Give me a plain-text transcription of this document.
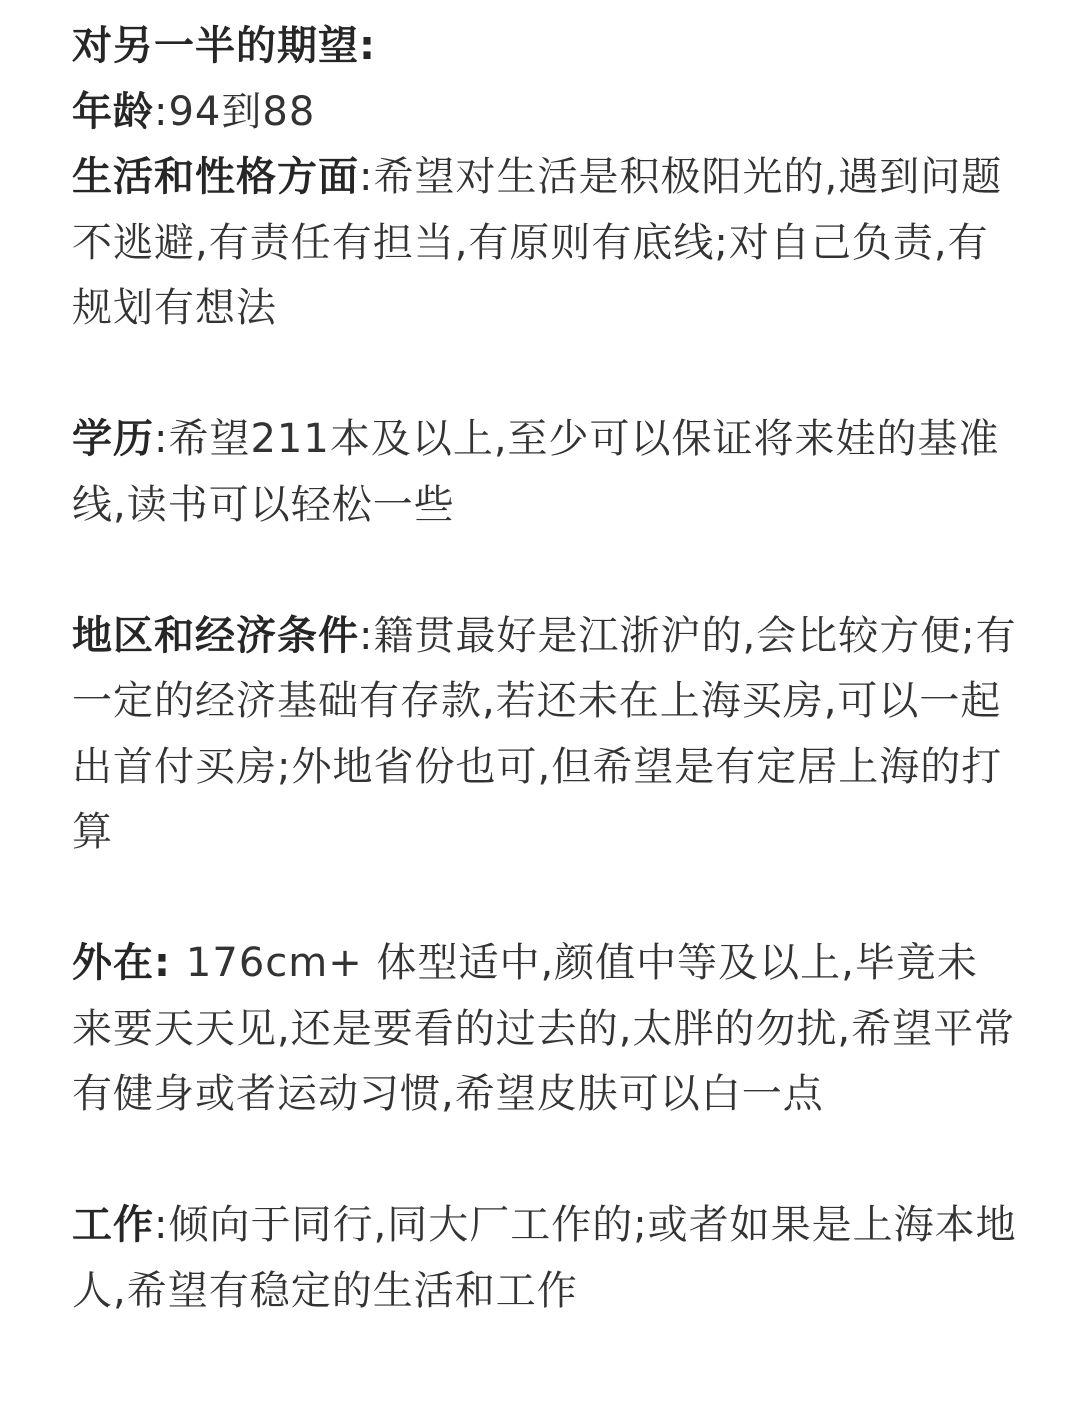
对另一半的期望:
年龄:94到88
生活和性格方面:希望对生活是积极阳光的,遇到问题不逃避,有责任有担当,有原则有底线;对自己负责,有规划有想法
学历:希望211本及以上,至少可以保证将来娃的基准线,读书可以轻松一些
地区和经济条件:籍贯最好是江浙沪的,会比较方便;有一定的经济基础有存款,若还未在上海买房,可以一起出首付买房;外地省份也可,但希望是有定居上海的打算
外在: 176cm+ 体型适中,颜值中等及以上,毕竟未来要天天见,还是要看的过去的,太胖的勿扰,希望平常有健身或者运动习惯,希望皮肤可以白一点
工作:倾向于同行,同大厂工作的;或者如果是上海本地人,希望有稳定的生活和工作
